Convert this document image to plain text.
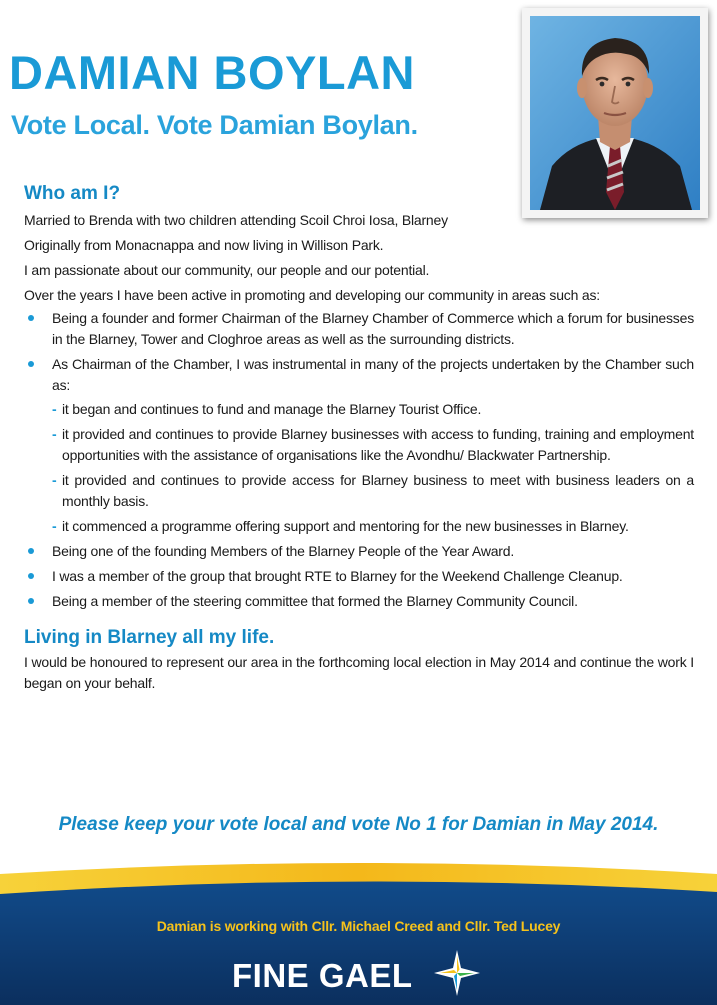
DAMIAN BOYLAN
Vote Local. Vote Damian Boylan.
Who am I?

Married to Brenda with two children attending Scoil Chroi Iosa, Blarney

Originally from Monacnappa and now living in Willison Park.

I am passionate about our community, our people and our potential.

Over the years I have been active in promoting and developing our community in areas such as:

Being a founder and former Chairman of the Blarney Chamber of Commerce which a forum for businesses in the Blarney, Tower and Cloghroe areas as well as the surrounding districts.
As Chairman of the Chamber, I was instrumental in many of the projects undertaken by the Chamber such as:
- it began and continues to fund and manage the Blarney Tourist Office.
- it provided and continues to provide Blarney businesses with access to funding, training and employment opportunities with the assistance of organisations like the Avondhu/ Blackwater Partnership.
- it provided and continues to provide access for Blarney business to meet with business leaders on a monthly basis.
- it commenced a programme offering support and mentoring for the new businesses in Blarney.
Being one of the founding Members of the Blarney People of the Year Award.
I was a member of the group that brought RTE to Blarney for the Weekend Challenge Cleanup.
Being a member of the steering committee that formed the Blarney Community Council.
Living in Blarney all my life.

I would be honoured to represent our area in the forthcoming local election in May 2014 and continue the work I began on your behalf.

Please keep your vote local and vote No 1 for Damian in May 2014.

Damian is working with Cllr. Michael Creed and Cllr. Ted Lucey

FINE GAEL
